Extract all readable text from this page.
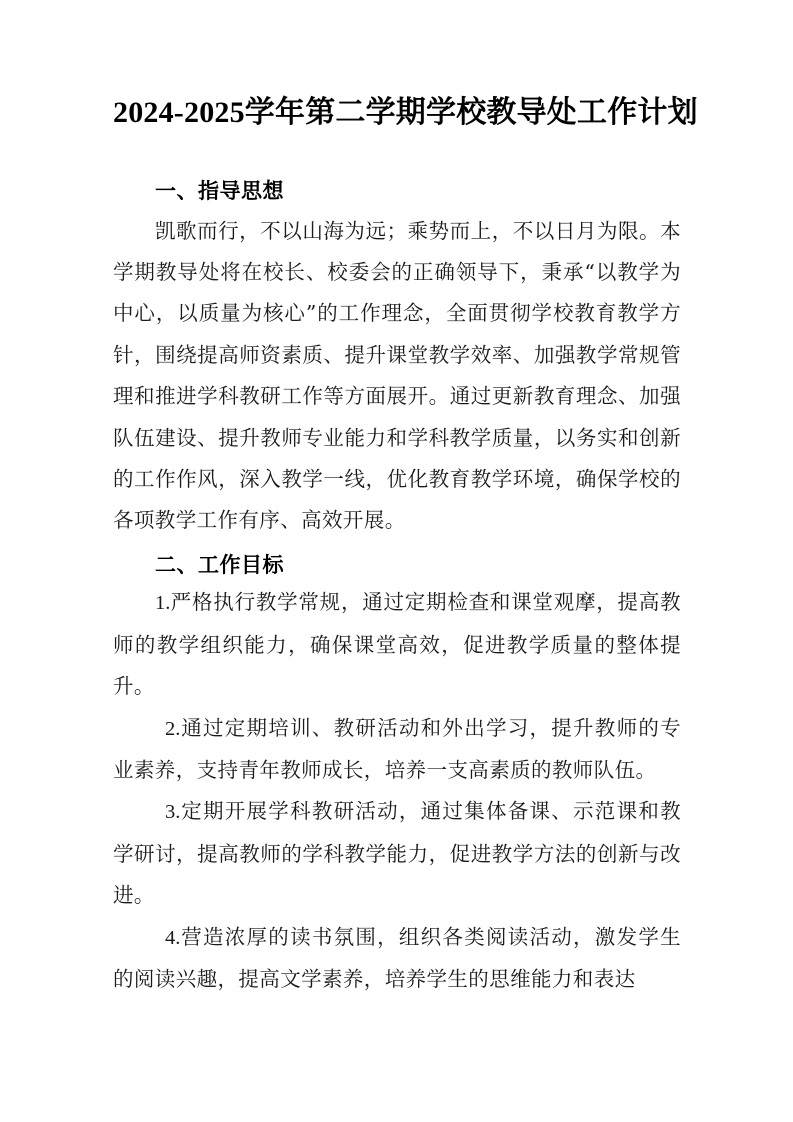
2024-2025学年第二学期学校教导处工作计划

一、指导思想

凯歌而行，不以山海为远；乘势而上，不以日月为限。本学期教导处将在校长、校委会的正确领导下，秉承“以教学为中心，以质量为核心”的工作理念，全面贯彻学校教育教学方针，围绕提高师资素质、提升课堂教学效率、加强教学常规管理和推进学科教研工作等方面展开。通过更新教育理念、加强队伍建设、提升教师专业能力和学科教学质量，以务实和创新的工作作风，深入教学一线，优化教育教学环境，确保学校的各项教学工作有序、高效开展。

二、工作目标

1.严格执行教学常规，通过定期检查和课堂观摩，提高教师的教学组织能力，确保课堂高效，促进教学质量的整体提升。

2.通过定期培训、教研活动和外出学习，提升教师的专业素养，支持青年教师成长，培养一支高素质的教师队伍。

3.定期开展学科教研活动，通过集体备课、示范课和教学研讨，提高教师的学科教学能力，促进教学方法的创新与改进。

4.营造浓厚的读书氛围，组织各类阅读活动，激发学生的阅读兴趣，提高文学素养，培养学生的思维能力和表达
